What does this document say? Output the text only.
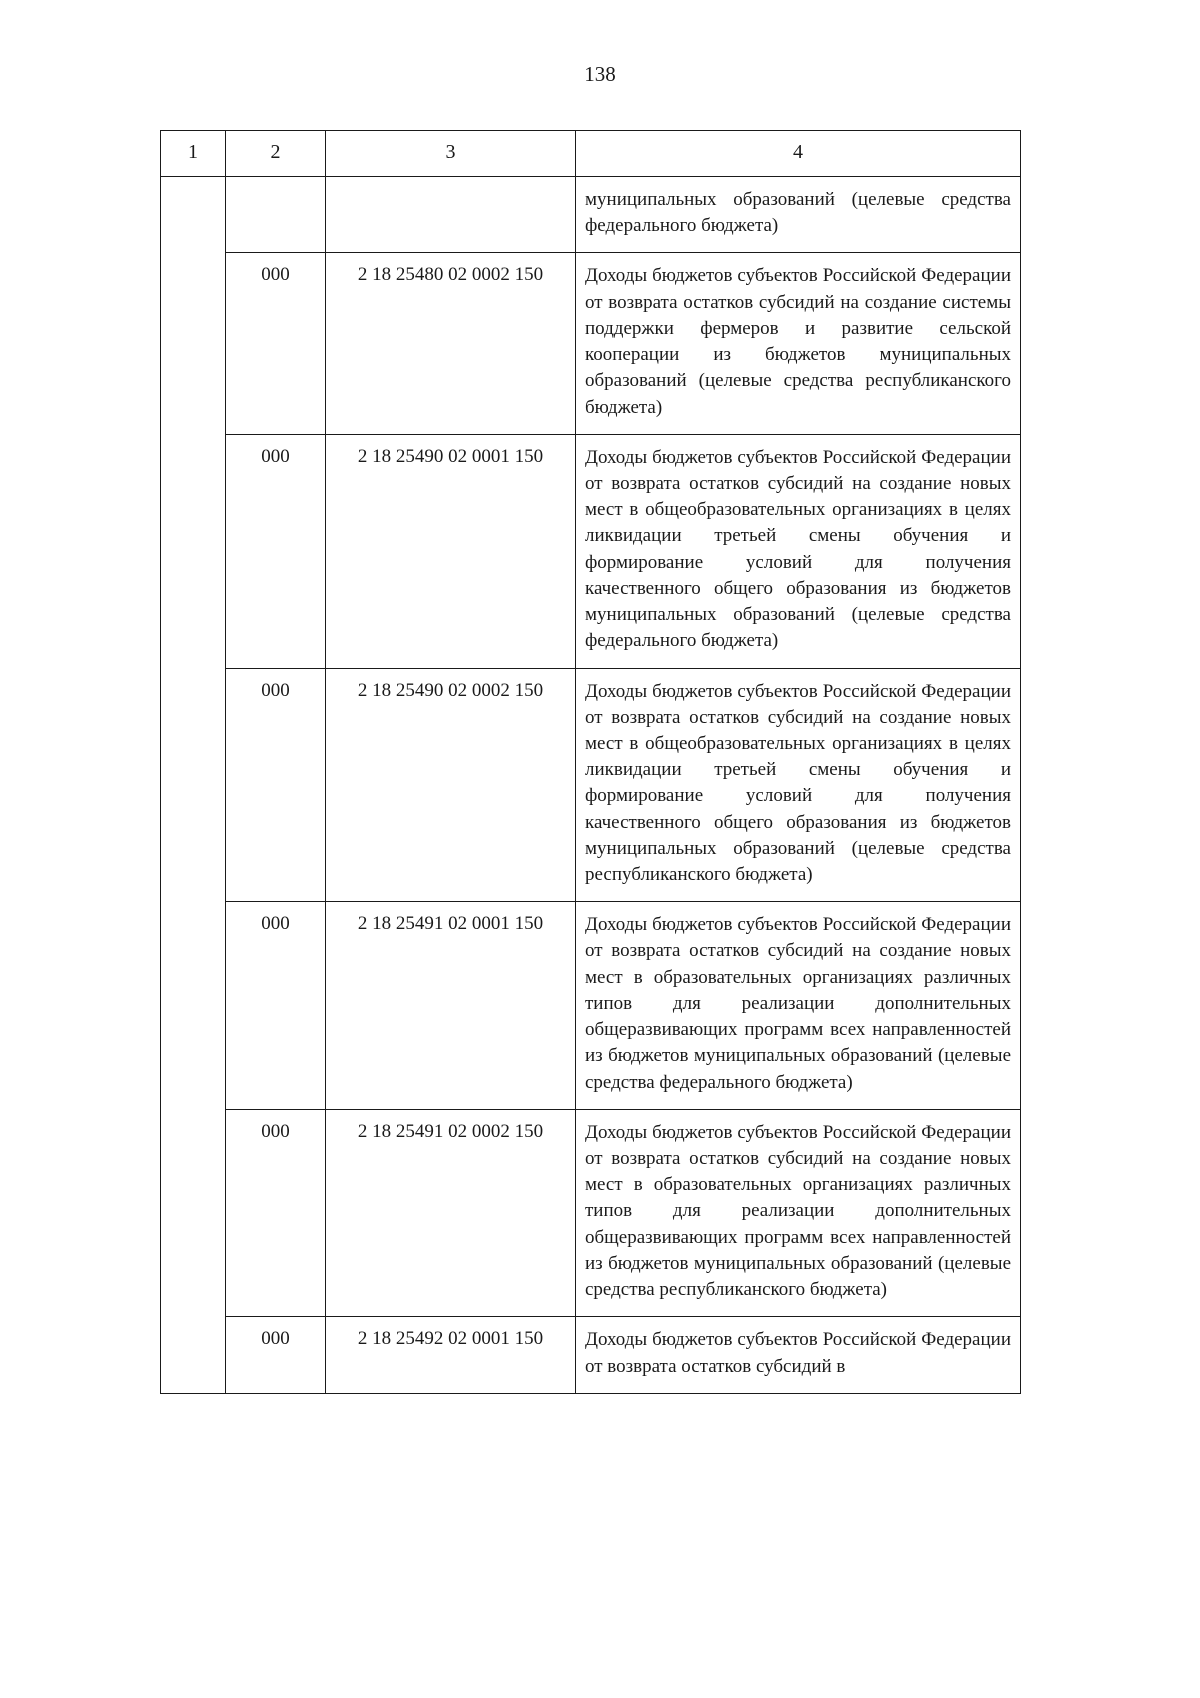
138
1	2	3	4
			муниципальных образований (целевые средства федерального бюджета)
	000	2 18 25480 02 0002 150	Доходы бюджетов субъектов Российской Федерации от возврата остатков субсидий на создание системы поддержки фермеров и развитие сельской кооперации из бюджетов муниципальных образований (целевые средства республиканского бюджета)
	000	2 18 25490 02 0001 150	Доходы бюджетов субъектов Российской Федерации от возврата остатков субсидий на создание новых мест в общеобразовательных организациях в целях ликвидации третьей смены обучения и формирование условий для получения качественного общего образования из бюджетов муниципальных образований (целевые средства федерального бюджета)
	000	2 18 25490 02 0002 150	Доходы бюджетов субъектов Российской Федерации от возврата остатков субсидий на создание новых мест в общеобразовательных организациях в целях ликвидации третьей смены обучения и формирование условий для получения качественного общего образования из бюджетов муниципальных образований (целевые средства республиканского бюджета)
	000	2 18 25491 02 0001 150	Доходы бюджетов субъектов Российской Федерации от возврата остатков субсидий на создание новых мест в образовательных организациях различных типов для реализации дополнительных общеразвивающих программ всех направленностей из бюджетов муниципальных образований (целевые средства федерального бюджета)
	000	2 18 25491 02 0002 150	Доходы бюджетов субъектов Российской Федерации от возврата остатков субсидий на создание новых мест в образовательных организациях различных типов для реализации дополнительных общеразвивающих программ всех направленностей из бюджетов муниципальных образований (целевые средства республиканского бюджета)
	000	2 18 25492 02 0001 150	Доходы бюджетов субъектов Российской Федерации от возврата остатков субсидий в
